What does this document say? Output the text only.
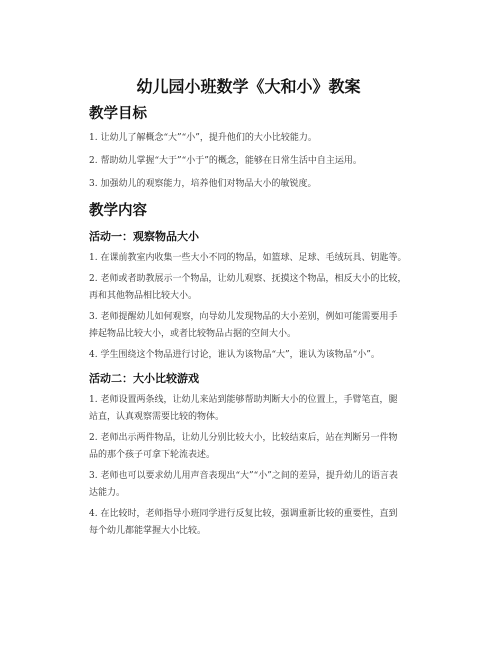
幼儿园小班数学《大和小》教案
教学目标

1. 让幼儿了解概念“大”“小”，提升他们的大小比较能力。

2. 帮助幼儿掌握“大于”“小于”的概念，能够在日常生活中自主运用。

3. 加强幼儿的观察能力，培养他们对物品大小的敏锐度。

教学内容
活动一：观察物品大小

1. 在课前教室内收集一些大小不同的物品，如篮球、足球、毛绒玩具、钥匙等。

2. 老师或者助教展示一个物品，让幼儿观察、抚摸这个物品，相反大小的比较，

再和其他物品相比较大小。

3. 老师提醒幼儿如何观察，向导幼儿发现物品的大小差别，例如可能需要用手

捧起物品比较大小，或者比较物品占据的空间大小。

4. 学生围绕这个物品进行讨论，谁认为该物品“大”，谁认为该物品“小”。

活动二：大小比较游戏

1. 老师设置两条线，让幼儿来站到能够帮助判断大小的位置上，手臂笔直，腿

站直，认真观察需要比较的物体。

2. 老师出示两件物品，让幼儿分别比较大小，比较结束后，站在判断另一件物

品的那个孩子可拿下轮流表述。

3. 老师也可以要求幼儿用声音表现出“大”“小”之间的差异，提升幼儿的语言表

达能力。

4. 在比较时，老师指导小班同学进行反复比较，强调重新比较的重要性，直到

每个幼儿都能掌握大小比较。
